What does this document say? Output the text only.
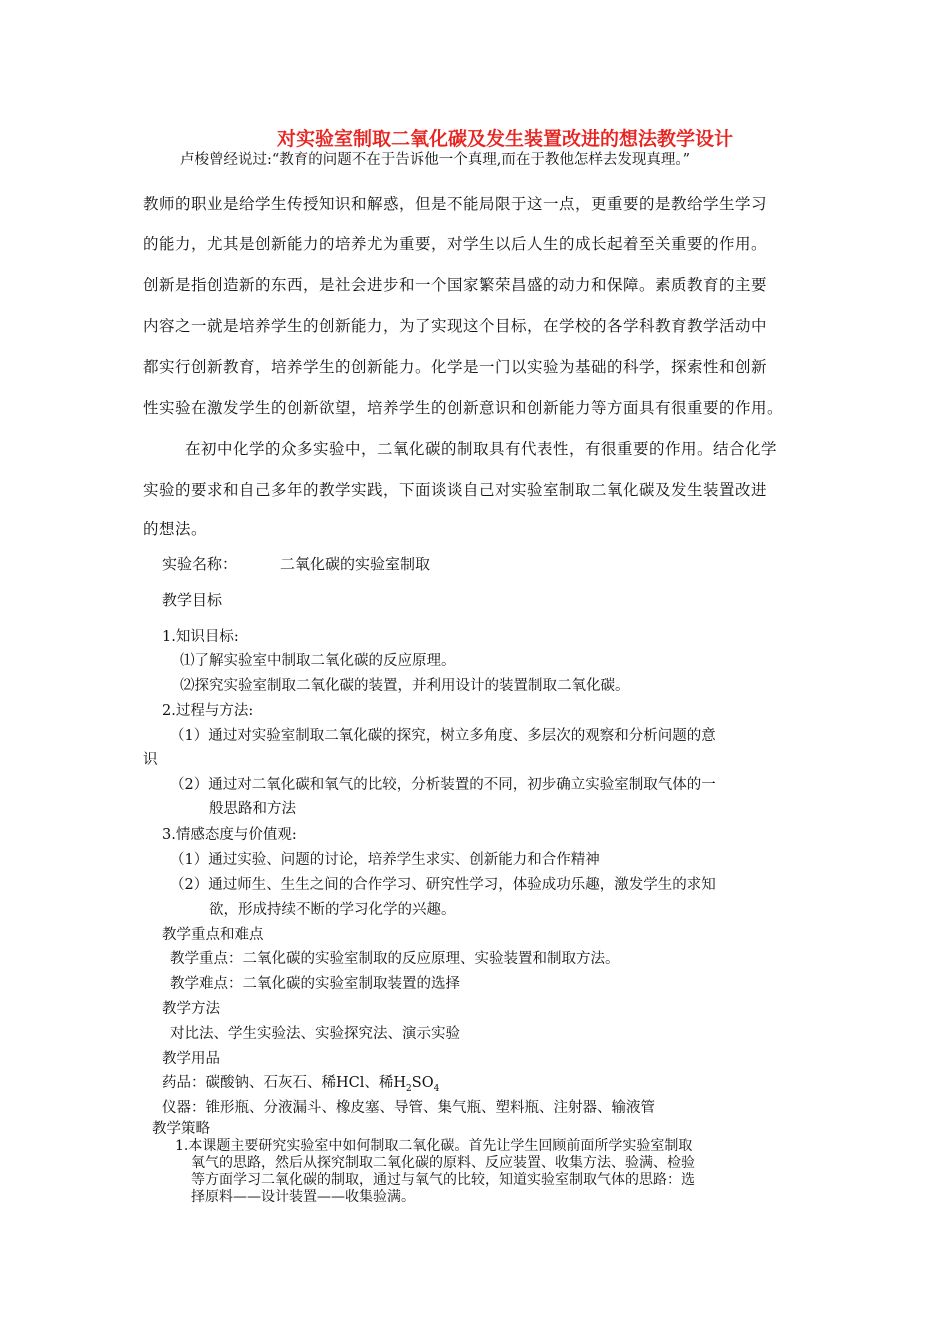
对实验室制取二氧化碳及发生装置改进的想法教学设计
卢梭曾经说过:“教育的问题不在于告诉他一个真理,而在于教他怎样去发现真理。”
教师的职业是给学生传授知识和解惑，但是不能局限于这一点，更重要的是教给学生学习
的能力，尤其是创新能力的培养尤为重要，对学生以后人生的成长起着至关重要的作用。
创新是指创造新的东西，是社会进步和一个国家繁荣昌盛的动力和保障。素质教育的主要
内容之一就是培养学生的创新能力，为了实现这个目标，在学校的各学科教育教学活动中
都实行创新教育，培养学生的创新能力。化学是一门以实验为基础的科学，探索性和创新
性实验在激发学生的创新欲望，培养学生的创新意识和创新能力等方面具有很重要的作用。
在初中化学的众多实验中，二氧化碳的制取具有代表性，有很重要的作用。结合化学
实验的要求和自己多年的教学实践，下面谈谈自己对实验室制取二氧化碳及发生装置改进
的想法。
实验名称：	二氧化碳的实验室制取
教学目标
1.知识目标:
⑴了解实验室中制取二氧化碳的反应原理。
⑵探究实验室制取二氧化碳的装置，并利用设计的装置制取二氧化碳。
2.过程与方法:
（1）通过对实验室制取二氧化碳的探究，树立多角度、多层次的观察和分析问题的意
识
（2）通过对二氧化碳和氧气的比较，分析装置的不同，初步确立实验室制取气体的一
般思路和方法
3.情感态度与价值观:
（1）通过实验、问题的讨论，培养学生求实、创新能力和合作精神
（2）通过师生、生生之间的合作学习、研究性学习，体验成功乐趣，激发学生的求知
欲，形成持续不断的学习化学的兴趣。
教学重点和难点
教学重点：二氧化碳的实验室制取的反应原理、实验装置和制取方法。
教学难点：二氧化碳的实验室制取装置的选择
教学方法
对比法、学生实验法、实验探究法、演示实验
教学用品
药品：碳酸钠、石灰石、稀HCl、稀$H_2SO_4$
仪器：锥形瓶、分液漏斗、橡皮塞、导管、集气瓶、塑料瓶、注射器、输液管
教学策略
1.本课题主要研究实验室中如何制取二氧化碳。首先让学生回顾前面所学实验室制取
氧气的思路，然后从探究制取二氧化碳的原料、反应装置、收集方法、验满、检验
等方面学习二氧化碳的制取，通过与氧气的比较，知道实验室制取气体的思路：选
择原料——设计装置——收集验满。
